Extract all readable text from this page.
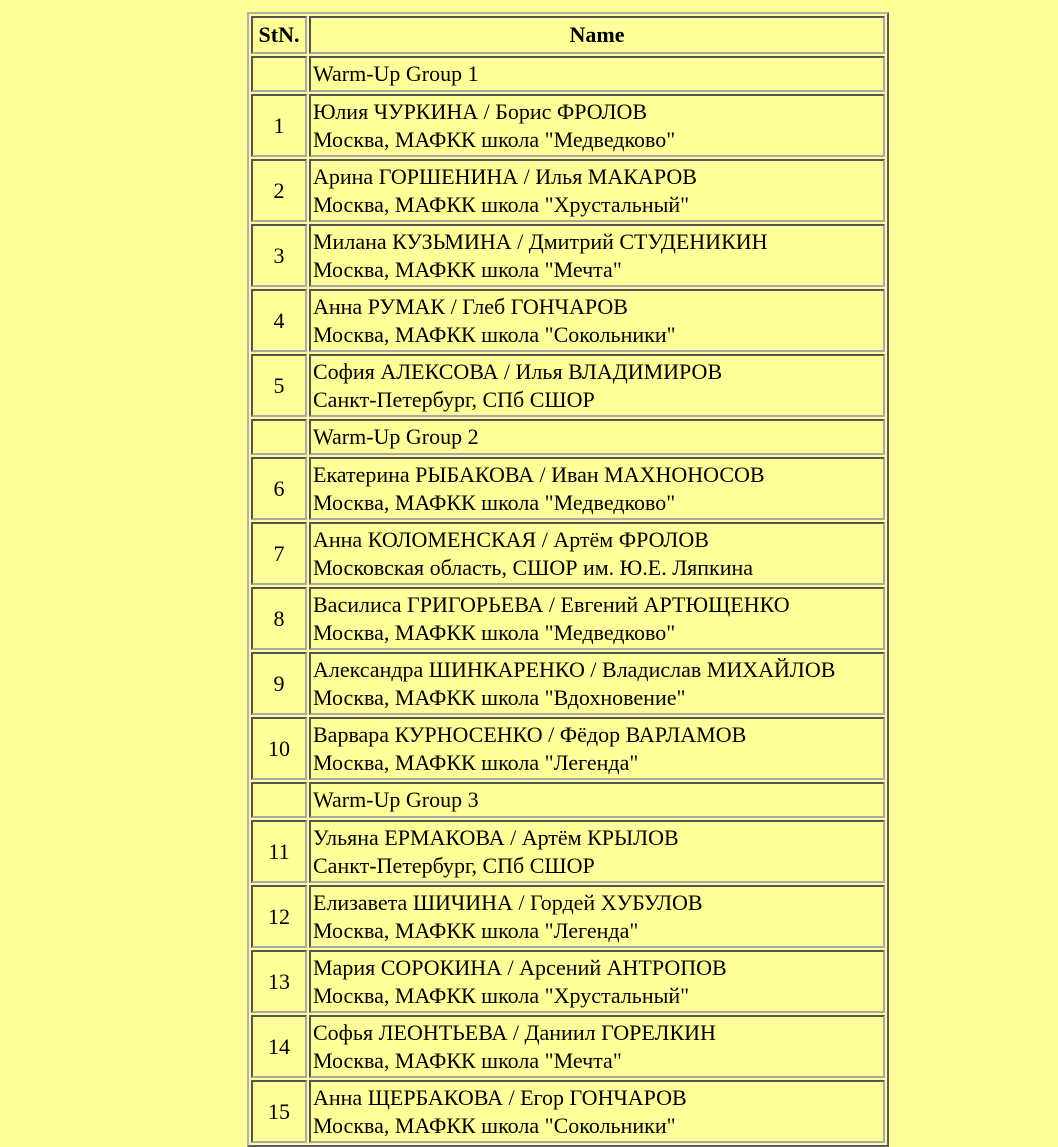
StN.	Name
	Warm-Up Group 1
1	Юлия ЧУРКИНА / Борис ФРОЛОВ
Москва, МАФКК школа "Медведково"

2	Арина ГОРШЕНИНА / Илья МАКАРОВ
Москва, МАФКК школа "Хрустальный"

3	Милана КУЗЬМИНА / Дмитрий СТУДЕНИКИН
Москва, МАФКК школа "Мечта"

4	Анна РУМАК / Глеб ГОНЧАРОВ
Москва, МАФКК школа "Сокольники"

5	София АЛЕКСОВА / Илья ВЛАДИМИРОВ
Санкт-Петербург, СПб СШОР

	Warm-Up Group 2
6	Екатерина РЫБАКОВА / Иван МАХНОНОСОВ
Москва, МАФКК школа "Медведково"

7	Анна КОЛОМЕНСКАЯ / Артём ФРОЛОВ
Московская область, СШОР им. Ю.Е. Ляпкина

8	Василиса ГРИГОРЬЕВА / Евгений АРТЮЩЕНКО
Москва, МАФКК школа "Медведково"

9	Александра ШИНКАРЕНКО / Владислав МИХАЙЛОВ
Москва, МАФКК школа "Вдохновение"

10	Варвара КУРНОСЕНКО / Фёдор ВАРЛАМОВ
Москва, МАФКК школа "Легенда"

	Warm-Up Group 3
11	Ульяна ЕРМАКОВА / Артём КРЫЛОВ
Санкт-Петербург, СПб СШОР

12	Елизавета ШИЧИНА / Гордей ХУБУЛОВ
Москва, МАФКК школа "Легенда"

13	Мария СОРОКИНА / Арсений АНТРОПОВ
Москва, МАФКК школа "Хрустальный"

14	Софья ЛЕОНТЬЕВА / Даниил ГОРЕЛКИН
Москва, МАФКК школа "Мечта"

15	Анна ЩЕРБАКОВА / Егор ГОНЧАРОВ
Москва, МАФКК школа "Сокольники"
